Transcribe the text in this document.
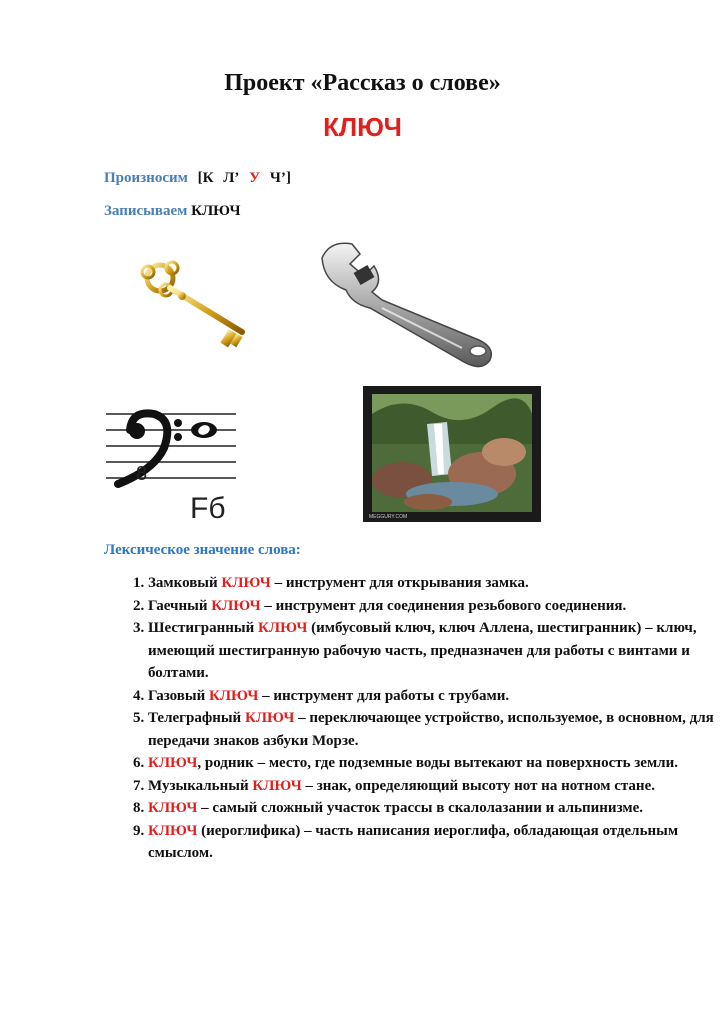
Проект «Рассказ о слове»
КЛЮЧ
Произносим [К Л’ У Ч’]
Записываем КЛЮЧ
8
Fб	MEGGURY.COM
Лексическое значение слова:
1. Замковый КЛЮЧ – инструмент для открывания замка.
2. Гаечный КЛЮЧ – инструмент для соединения резьбового соединения.
3. Шестигранный КЛЮЧ (имбусовый ключ, ключ Аллена, шестигранник) – ключ, имеющий шестигранную рабочую часть, предназначен для работы с винтами и болтами.
4. Газовый КЛЮЧ – инструмент для работы с трубами.
5. Телеграфный КЛЮЧ – переключающее устройство, используемое, в основном, для передачи знаков азбуки Морзе.
6. КЛЮЧ, родник – место, где подземные воды вытекают на поверхность земли.
7. Музыкальный КЛЮЧ – знак, определяющий высоту нот на нотном стане.
8. КЛЮЧ – самый сложный участок трассы в скалолазании и альпинизме.
9. КЛЮЧ (иероглифика) – часть написания иероглифа, обладающая отдельным смыслом.
